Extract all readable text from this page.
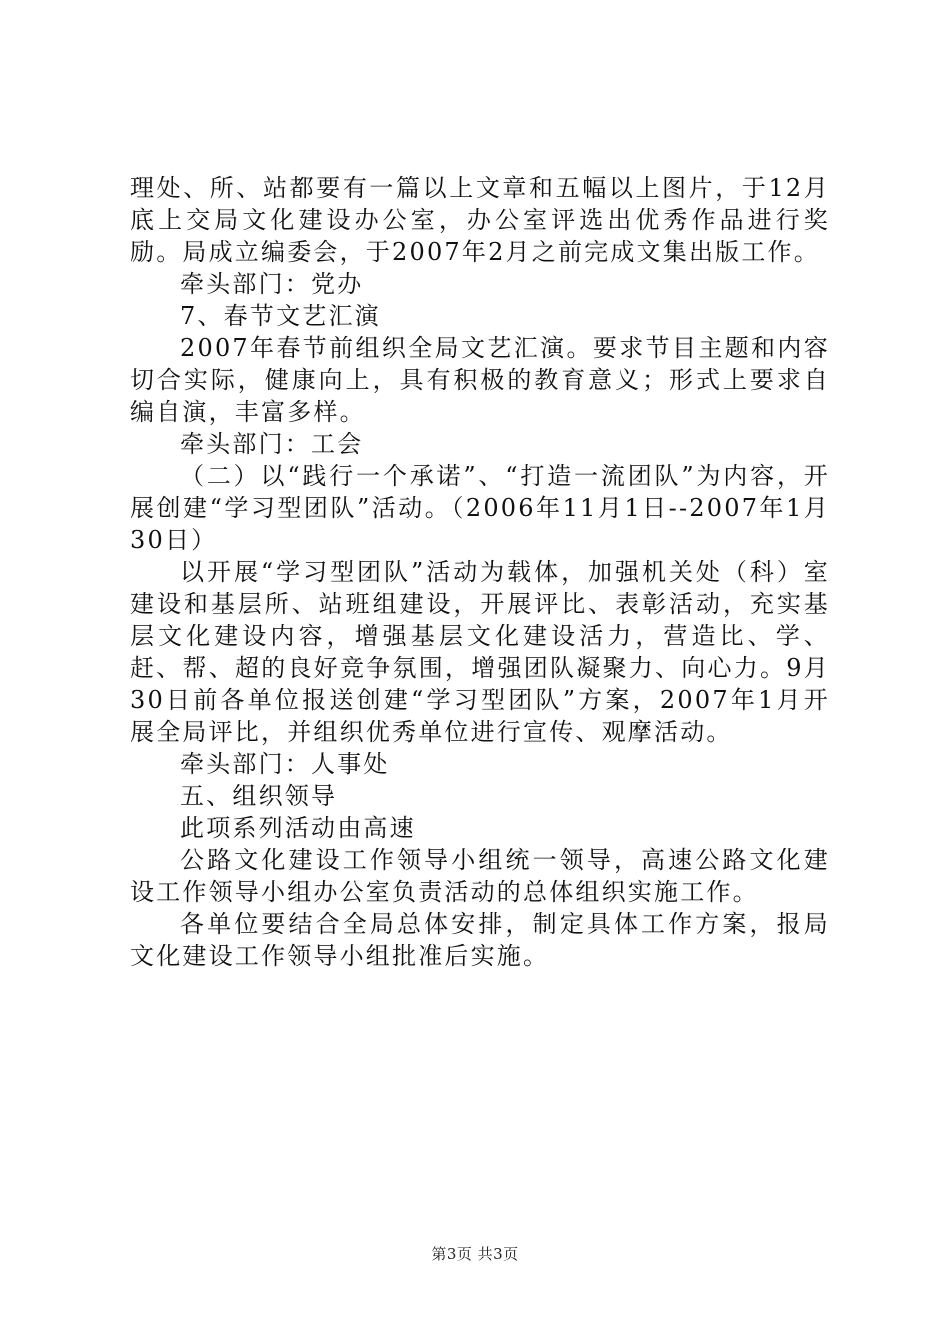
理处、所、站都要有一篇以上文章和五幅以上图片，于12月底上交局文化建设办公室，办公室评选出优秀作品进行奖励。局成立编委会，于2007年2月之前完成文集出版工作。

牵头部门：党办

7、春节文艺汇演

2007年春节前组织全局文艺汇演。要求节目主题和内容切合实际，健康向上，具有积极的教育意义；形式上要求自编自演，丰富多样。

牵头部门：工会

（二）以“践行一个承诺”、“打造一流团队”为内容，开展创建“学习型团队”活动。（2006年11月1日--2007年1月30日）

以开展“学习型团队”活动为载体，加强机关处（科）室建设和基层所、站班组建设，开展评比、表彰活动，充实基层文化建设内容，增强基层文化建设活力，营造比、学、赶、帮、超的良好竞争氛围，增强团队凝聚力、向心力。9月30日前各单位报送创建“学习型团队”方案，2007年1月开展全局评比，并组织优秀单位进行宣传、观摩活动。

牵头部门：人事处

五、组织领导

此项系列活动由高速

公路文化建设工作领导小组统一领导，高速公路文化建设工作领导小组办公室负责活动的总体组织实施工作。

各单位要结合全局总体安排，制定具体工作方案，报局文化建设工作领导小组批准后实施。

第3页 共3页
